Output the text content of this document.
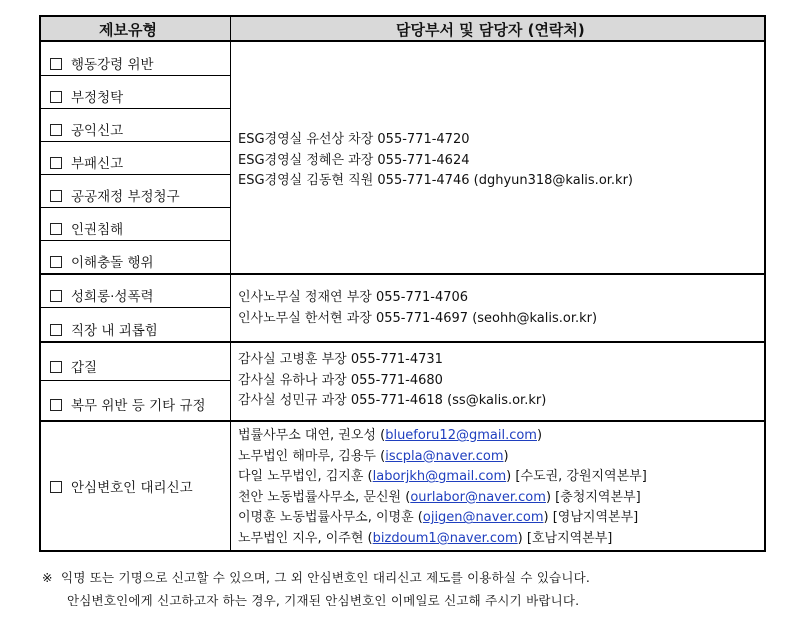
제보유형	담당부서 및 담당자 (연락처)
행동강령 위반
부정청탁
공익신고
부패신고
공공재정 부정청구
인권침해
이해충돌 행위
ESG경영실 유선상 차장 055-771-4720
ESG경영실 정혜은 과장 055-771-4624
ESG경영실 김동현 직원 055-771-4746 (dghyun318@kalis.or.kr)
성희롱·성폭력
직장 내 괴롭힘
인사노무실 정재연 부장 055-771-4706
인사노무실 한서현 과장 055-771-4697 (seohh@kalis.or.kr)
갑질
복무 위반 등 기타 규정
감사실 고병훈 부장 055-771-4731
감사실 유하나 과장 055-771-4680
감사실 성민규 과장 055-771-4618 (ss@kalis.or.kr)
안심변호인 대리신고
법률사무소 대연, 권오성 (blueforu12@gmail.com)
노무법인 해마루, 김용두 (iscpla@naver.com)
다일 노무법인, 김지훈 (laborjkh@gmail.com) [수도권, 강원지역본부]
천안 노동법률사무소, 문신원 (ourlabor@naver.com) [충청지역본부]
이명훈 노동법률사무소, 이명훈 (ojigen@naver.com) [영남지역본부]
노무법인 지우, 이주현 (bizdoum1@naver.com) [호남지역본부]
※ 익명 또는 기명으로 신고할 수 있으며, 그 외 안심변호인 대리신고 제도를 이용하실 수 있습니다.
안심변호인에게 신고하고자 하는 경우, 기재된 안심변호인 이메일로 신고해 주시기 바랍니다.
